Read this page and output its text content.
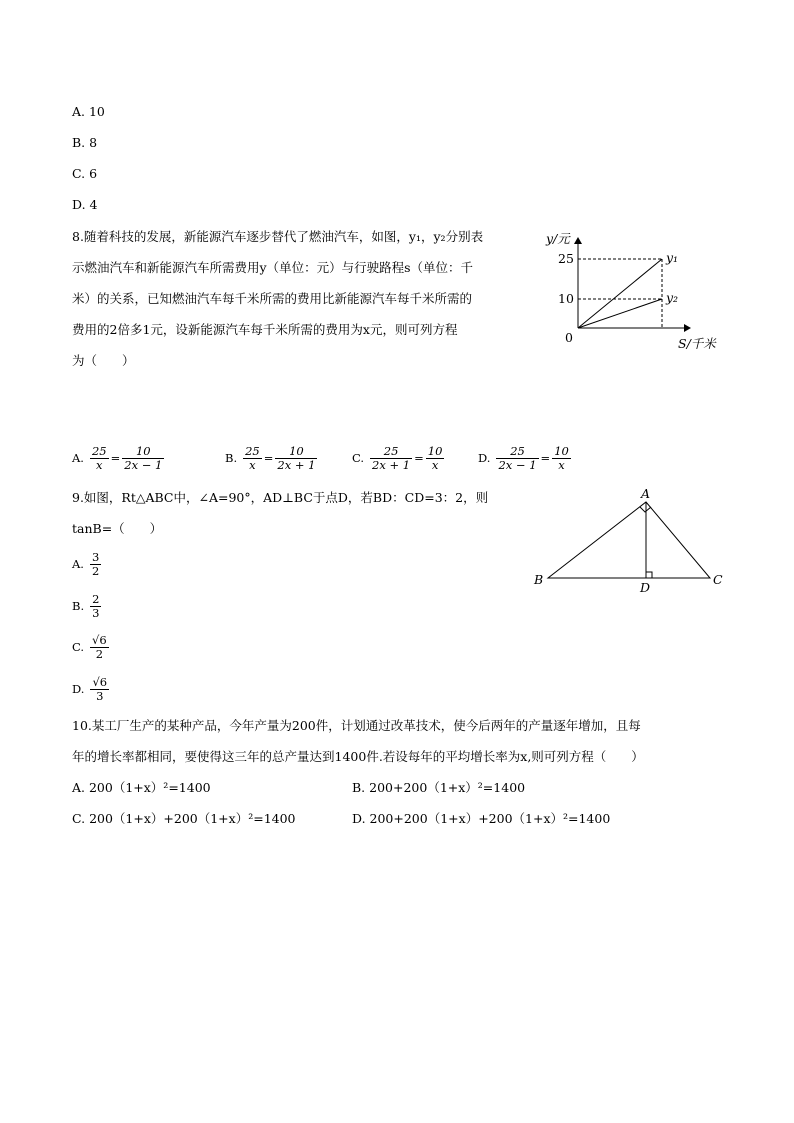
A. 10
B. 8
C. 6
D. 4
8.随着科技的发展，新能源汽车逐步替代了燃油汽车，如图，y₁，y₂分别表
示燃油汽车和新能源汽车所需费用y（单位：元）与行驶路程s（单位：千
米）的关系，已知燃油汽车每千米所需的费用比新能源汽车每千米所需的
费用的2倍多1元，设新能源汽车每千米所需的费用为x元，则可列方程
为（　　）
y/元
S/千米
0
25
10
y₁
y₂
A. $\frac{25}{x} = \frac{10}{2x - 1}$	B. $\frac{25}{x} = \frac{10}{2x + 1}$	C. $\frac{25}{2x + 1} = \frac{10}{x}$	D. $\frac{25}{2x - 1} = \frac{10}{x}$
9.如图，Rt△ABC中，∠A=90°，AD⊥BC于点D，若BD：CD=3：2，则
tanB=（　　）
A. $\frac{3}{2}$
B. $\frac{2}{3}$
C. $\frac{√6}{2}$
D. $\frac{√6}{3}$
A
B	C
D
10.某工厂生产的某种产品，今年产量为200件，计划通过改革技术，使今后两年的产量逐年增加，且每
年的增长率都相同，要使得这三年的总产量达到1400件.若设每年的平均增长率为x,则可列方程（　　）
A. 200（1+x）²=1400	B. 200+200（1+x）²=1400
C. 200（1+x）+200（1+x）²=1400	D. 200+200（1+x）+200（1+x）²=1400
